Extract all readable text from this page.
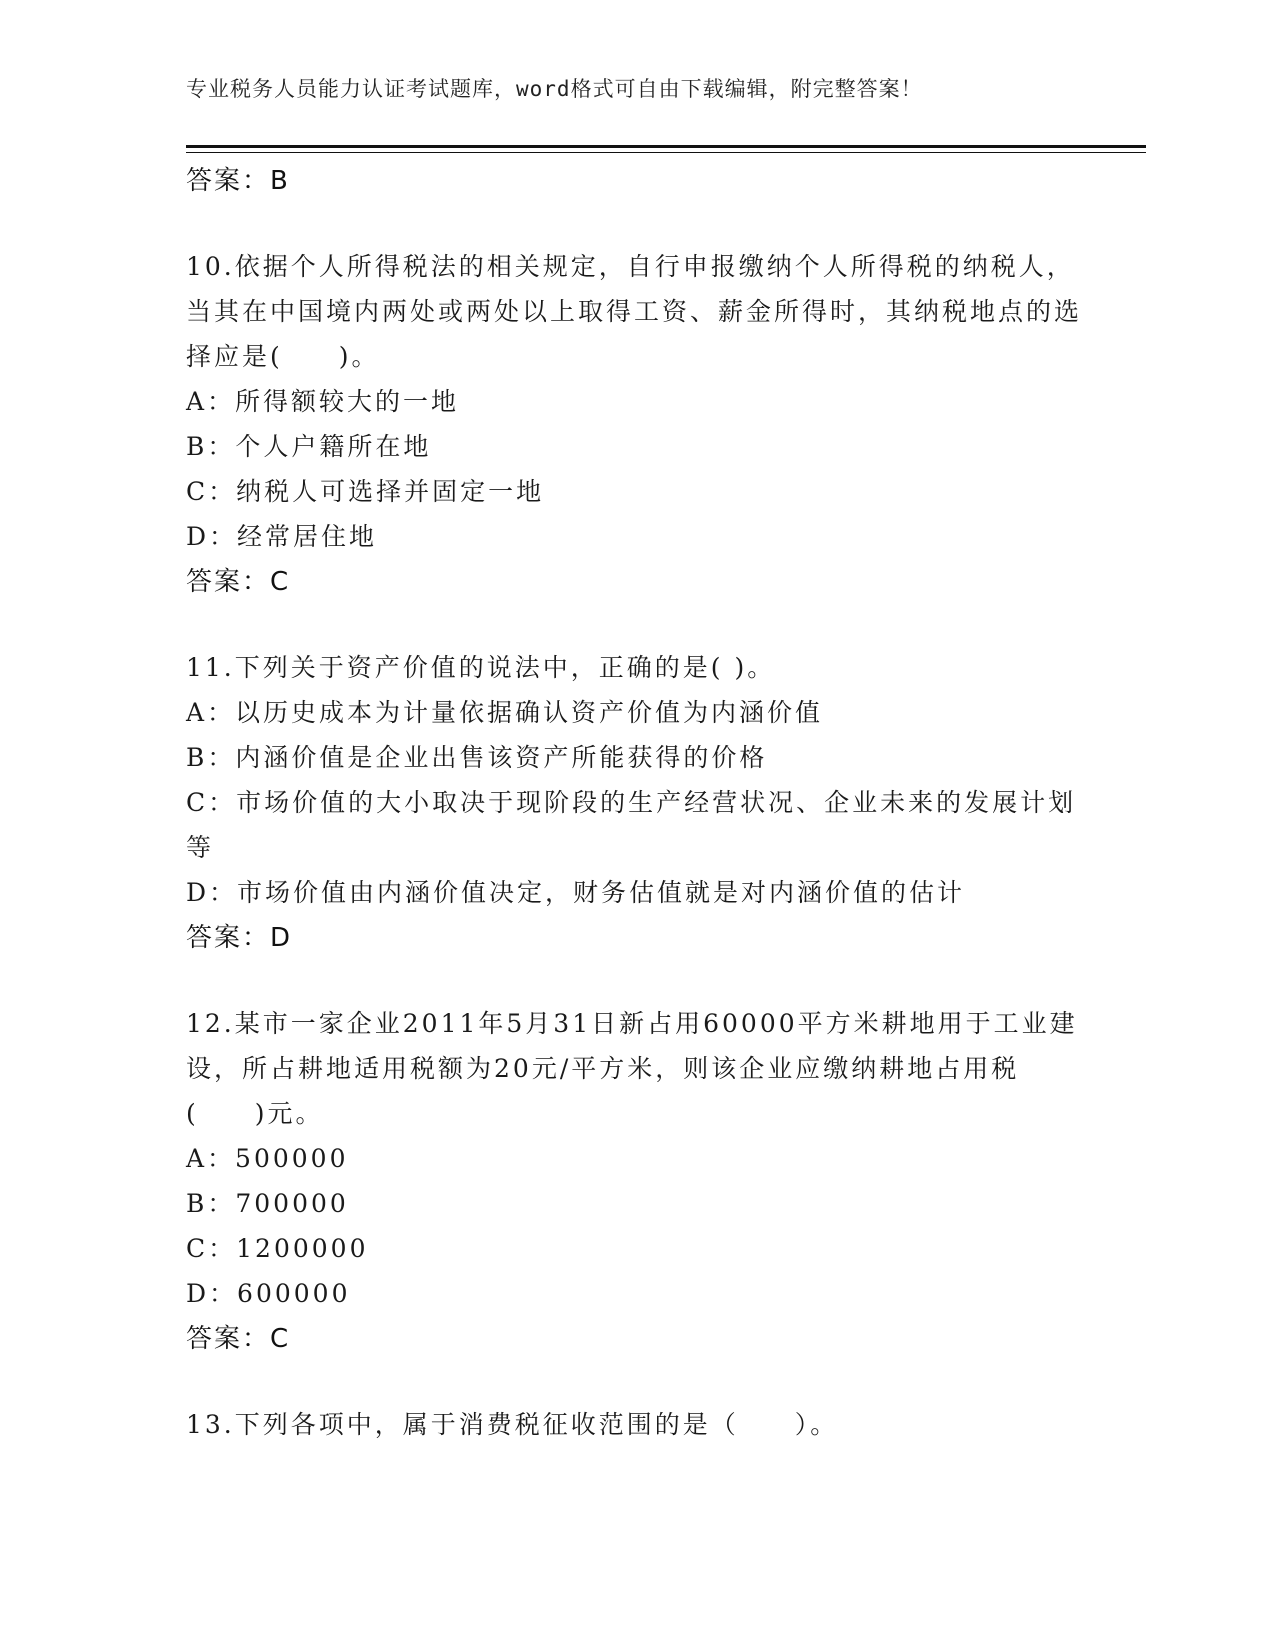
专业税务人员能力认证考试题库，word格式可自由下载编辑，附完整答案！
答案：B
10.依据个人所得税法的相关规定，自行申报缴纳个人所得税的纳税人，当其在中国境内两处或两处以上取得工资、薪金所得时，其纳税地点的选择应是(　　)。
A：所得额较大的一地
B：个人户籍所在地
C：纳税人可选择并固定一地
D：经常居住地
答案：C
11.下列关于资产价值的说法中，正确的是( )。
A：以历史成本为计量依据确认资产价值为内涵价值
B：内涵价值是企业出售该资产所能获得的价格
C：市场价值的大小取决于现阶段的生产经营状况、企业未来的发展计划等
D：市场价值由内涵价值决定，财务估值就是对内涵价值的估计
答案：D
12.某市一家企业2011年5月31日新占用60000平方米耕地用于工业建设，所占耕地适用税额为20元/平方米，则该企业应缴纳耕地占用税(　　)元。
A：500000
B：700000
C：1200000
D：600000
答案：C
13.下列各项中，属于消费税征收范围的是（　　）。
